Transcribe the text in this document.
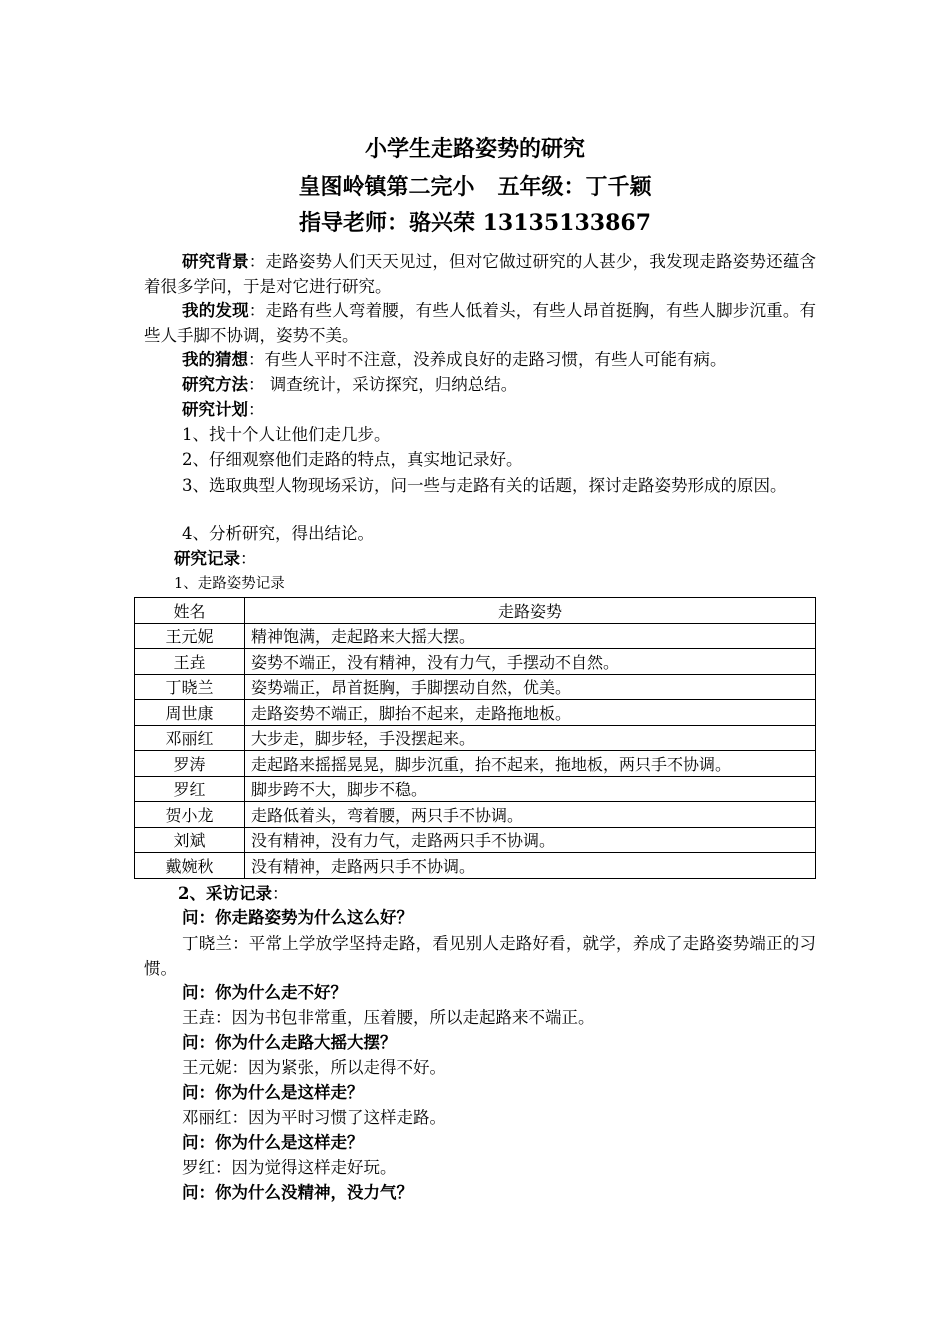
小学生走路姿势的研究
皇图岭镇第二完小   五年级：丁千颖
指导老师：骆兴荣 13135133867
研究背景：走路姿势人们天天见过，但对它做过研究的人甚少，我发现走路姿势还蕴含着很多学问，于是对它进行研究。
我的发现：走路有些人弯着腰，有些人低着头，有些人昂首挺胸，有些人脚步沉重。有些人手脚不协调，姿势不美。
我的猜想：有些人平时不注意，没养成良好的走路习惯，有些人可能有病。
研究方法： 调查统计，采访探究，归纳总结。
研究计划：
1、找十个人让他们走几步。
2、仔细观察他们走路的特点，真实地记录好。
3、选取典型人物现场采访，问一些与走路有关的话题，探讨走路姿势形成的原因。
4、分析研究，得出结论。
研究记录：
1、走路姿势记录
姓名	走路姿势
王元妮	精神饱满，走起路来大摇大摆。
王垚	姿势不端正，没有精神，没有力气，手摆动不自然。
丁晓兰	姿势端正，昂首挺胸，手脚摆动自然，优美。
周世康	走路姿势不端正，脚抬不起来，走路拖地板。
邓丽红	大步走，脚步轻，手没摆起来。
罗涛	走起路来摇摇晃晃，脚步沉重，抬不起来，拖地板，两只手不协调。
罗红	脚步跨不大，脚步不稳。
贺小龙	走路低着头，弯着腰，两只手不协调。
刘斌	没有精神，没有力气，走路两只手不协调。
戴婉秋	没有精神，走路两只手不协调。
2、采访记录：
问：你走路姿势为什么这么好？
丁晓兰：平常上学放学坚持走路，看见别人走路好看，就学，养成了走路姿势端正的习惯。
问：你为什么走不好？
王垚：因为书包非常重，压着腰，所以走起路来不端正。
问：你为什么走路大摇大摆？
王元妮：因为紧张，所以走得不好。
问：你为什么是这样走？
邓丽红：因为平时习惯了这样走路。
问：你为什么是这样走？
罗红：因为觉得这样走好玩。
问：你为什么没精神，没力气？
